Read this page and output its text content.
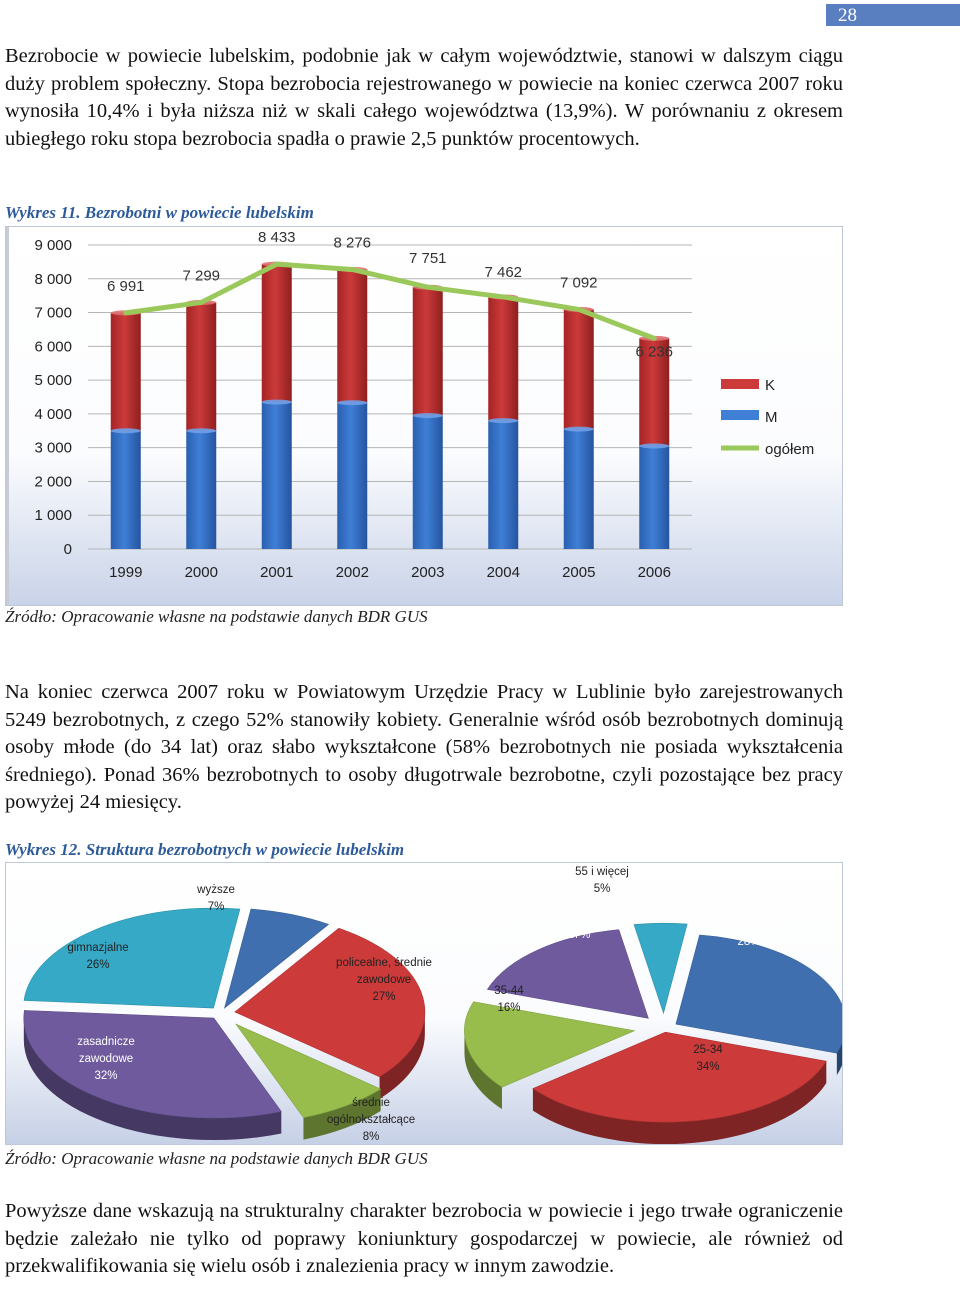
28

Bezrobocie w powiecie lubelskim, podobnie jak w całym województwie, stanowi w dalszym ciągu duży problem społeczny. Stopa bezrobocia rejestrowanego w powiecie na koniec czerwca 2007 roku wynosiła 10,4% i była niższa niż w skali całego województwa (13,9%). W porównaniu z okresem ubiegłego roku stopa bezrobocia spadła o prawie 2,5 punktów procentowych.

Wykres 11. Bezrobotni w powiecie lubelskim
0
1 000
2 000
3 000
4 000
5 000
6 000
7 000
8 000
9 000
1999	2000	2001	2002	2003	2004	2005	2006
6 991
7 299
8 433	8 276
7 751
7 462
7 092
6 236
K
M
ogółem
Źródło: Opracowanie własne na podstawie danych BDR GUS

Na koniec czerwca 2007 roku w Powiatowym Urzędzie Pracy w Lublinie było zarejestrowanych 5249 bezrobotnych, z czego 52% stanowiły kobiety. Generalnie wśród osób bezrobotnych dominują osoby młode (do 34 lat) oraz słabo wykształcone (58% bezrobotnych nie posiada wykształcenia średniego). Ponad 36% bezrobotnych to osoby długotrwale bezrobotne, czyli pozostające bez pracy powyżej 24 miesięcy.

Wykres 12. Struktura bezrobotnych w powiecie lubelskim
wyższe
7%
policealne, średnie
zawodowe
27%
średnie
ogólnokształcące
8%
zasadnicze
zawodowe
32%
gimnazjalne
26%
55 i więcej
5%
24 i mniej
28%
25-34
34%
35-44
16%
45-54
17%
Źródło: Opracowanie własne na podstawie danych BDR GUS

Powyższe dane wskazują na strukturalny charakter bezrobocia w powiecie i jego trwałe ograniczenie będzie zależało nie tylko od poprawy koniunktury gospodarczej w powiecie, ale również od przekwalifikowania się wielu osób i znalezienia pracy w innym zawodzie.
